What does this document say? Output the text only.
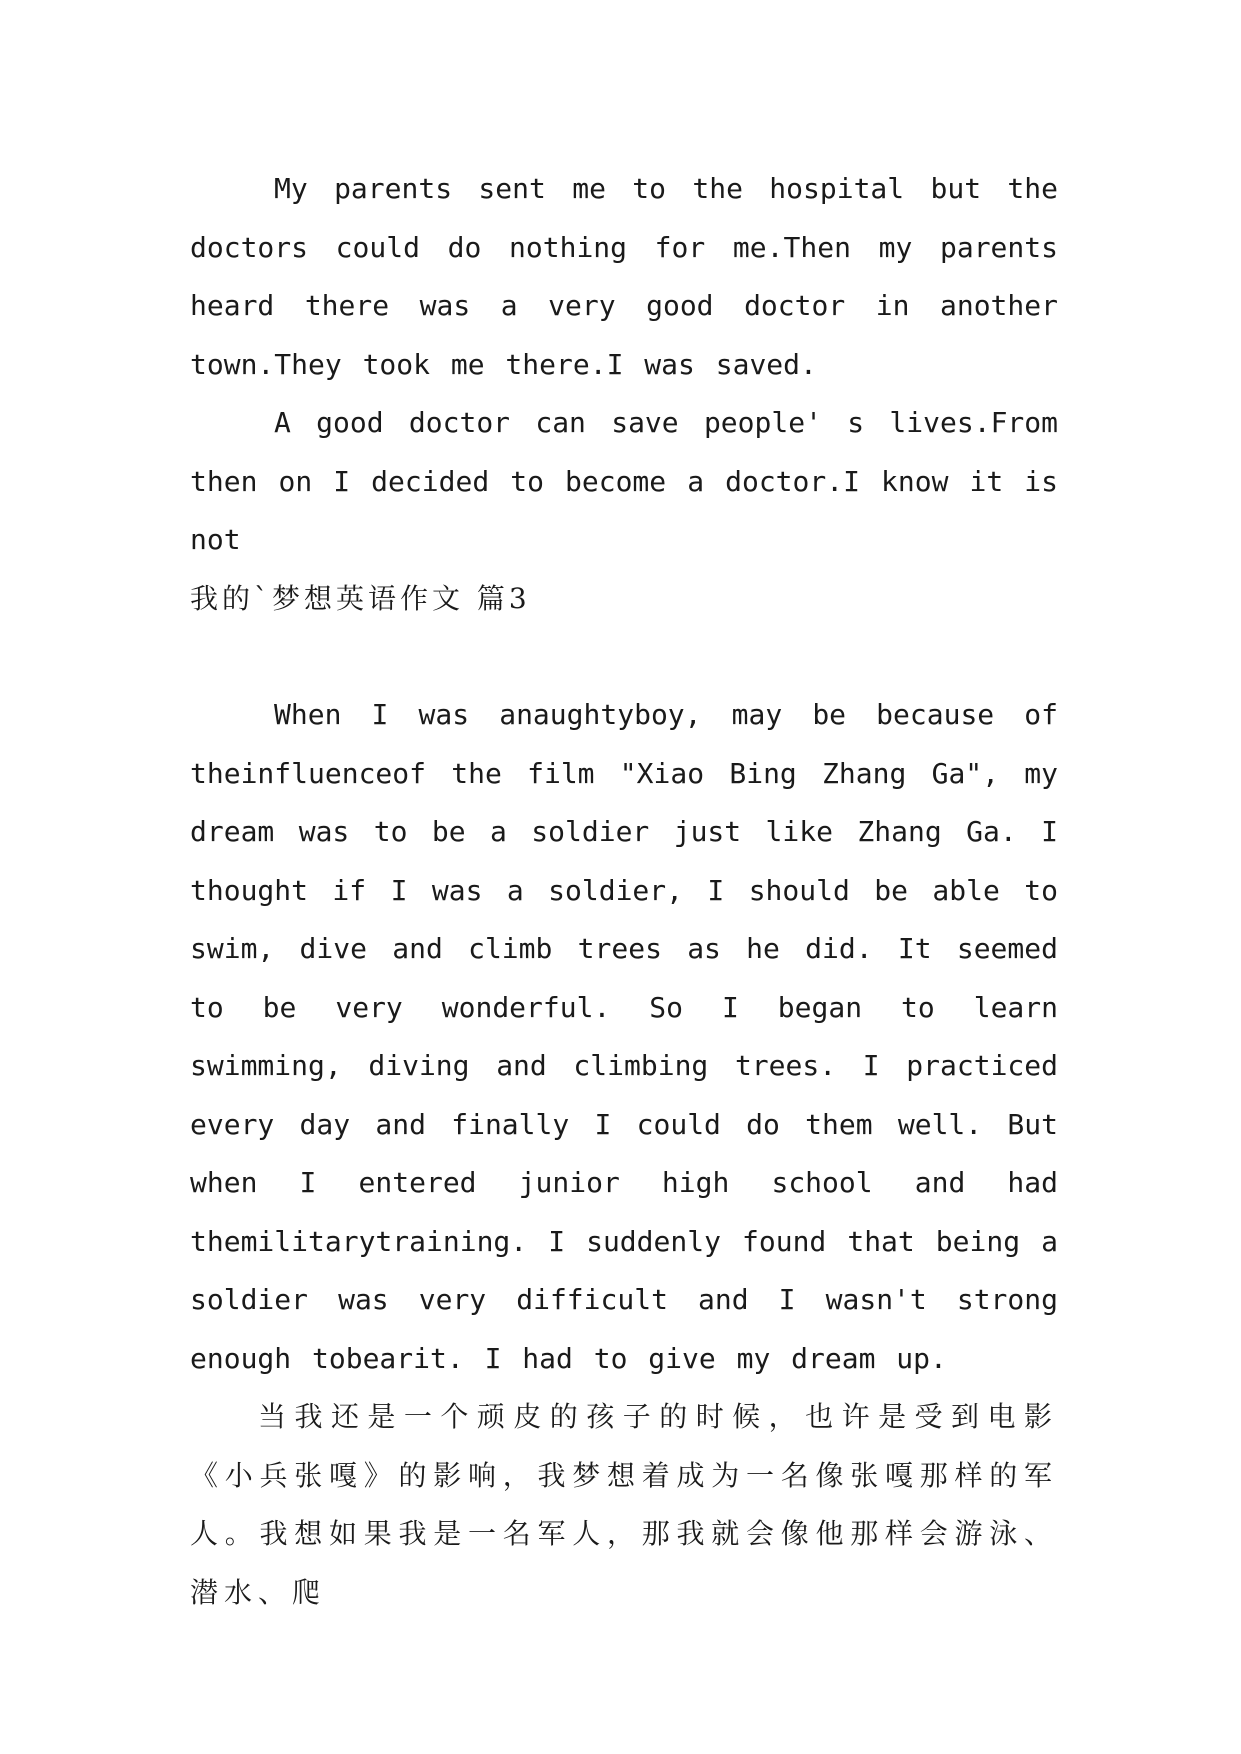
My parents sent me to the hospital but the doctors could do nothing for me.Then my parents heard there was a very good doctor in another town.They took me there.I was saved.

A good doctor can save people' s lives.From then on I decided to become a doctor.I know it is not

我的`梦想英语作文 篇3

When I was anaughtyboy, may be because of theinfluenceof the film "Xiao Bing Zhang Ga", my dream was to be a soldier just like Zhang Ga. I thought if I was a soldier, I should be able to swim, dive and climb trees as he did. It seemed to be very wonderful. So I began to learn swimming, diving and climbing trees. I practiced every day and finally I could do them well. But when I entered junior high school and had themilitarytraining. I suddenly found that being a soldier was very difficult and I wasn't strong enough tobearit. I had to give my dream up.

当我还是一个顽皮的孩子的时候，也许是受到电影《小兵张嘎》的影响，我梦想着成为一名像张嘎那样的军人。我想如果我是一名军人，那我就会像他那样会游泳、潜水、爬
